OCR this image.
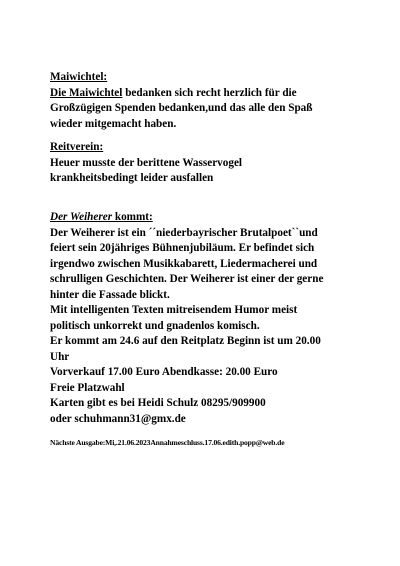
Maiwichtel:
Die Maiwichtel bedanken sich recht herzlich für die
Großzügigen Spenden bedanken,und das alle den Spaß
wieder mitgemacht haben.
Reitverein:
Heuer musste der berittene Wasservogel
krankheitsbedingt leider ausfallen
Der Weiherer kommt:
Der Weiherer ist ein ´´niederbayrischer Brutalpoet``und
feiert sein 20jähriges Bühnenjubiläum. Er befindet sich
irgendwo zwischen Musikkabarett, Liedermacherei und
schrulligen Geschichten. Der Weiherer ist einer der gerne
hinter die Fassade blickt.
Mit intelligenten Texten mitreisendem Humor meist
politisch unkorrekt und gnadenlos komisch.
Er kommt am 24.6 auf den Reitplatz Beginn ist um 20.00
Uhr
Vorverkauf 17.00 Euro Abendkasse: 20.00 Euro
Freie Platzwahl
Karten gibt es bei Heidi Schulz 08295/909900
oder schuhmann31@gmx.de
Nächste Ausgabe:Mi,.21.06.2023Annahmeschluss.17.06.edith.popp@web.de
